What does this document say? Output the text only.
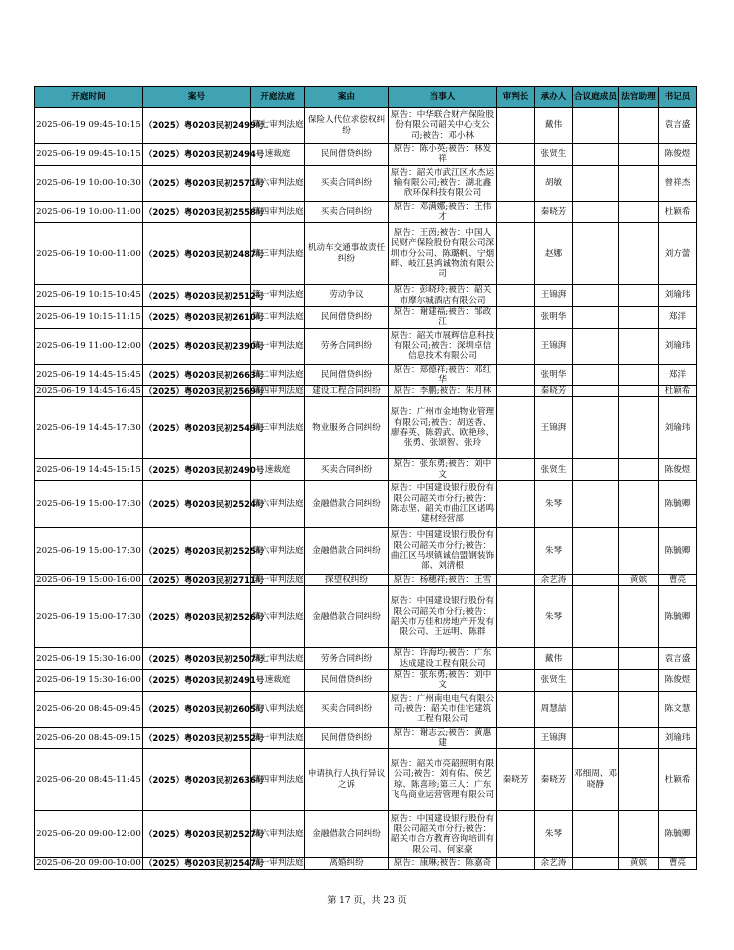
开庭时间	案号	开庭法庭	案由	当事人	审判长	承办人	合议庭成员	法官助理	书记员
2025-06-19 09:45-10:15	（2025）粤0203民初2499号	第七审判法庭	保险人代位求偿权纠纷	原告：中华联合财产保险股份有限公司韶关中心支公司;被告：邓小林		戴伟			袁言盛
2025-06-19 09:45-10:15	（2025）粤0203民初2494号	速裁庭	民间借贷纠纷	原告：陈小英;被告：林发祥		张贤生			陈俊煜
2025-06-19 10:00-10:30	（2025）粤0203民初2571号	第六审判法庭	买卖合同纠纷	原告：韶关市武江区水杰运输有限公司;被告：湖北鑫欣环保科技有限公司		胡敏			曾祥杰
2025-06-19 10:00-11:00	（2025）粤0203民初2558号	第四审判法庭	买卖合同纠纷	原告：邓满娜;被告：王伟才		秦晓芳			杜颖希
2025-06-19 10:00-11:00	（2025）粤0203民初2487号	第三审判法庭	机动车交通事故责任纠纷	原告：王茵;被告：中国人民财产保险股份有限公司深圳市分公司、陈璐帆、宁烟畔、岐江县鸿诚物流有限公司		赵娜			刘方蕾
2025-06-19 10:15-10:45	（2025）粤0203民初2512号	第一审判法庭	劳动争议	原告：彭晓玲;被告：韶关市摩尔城酒店有限公司		王锦湃			刘瑜玮
2025-06-19 10:15-11:15	（2025）粤0203民初2610号	第二审判法庭	民间借贷纠纷	原告：谢建福;被告：邹政江		张明华			郑洋
2025-06-19 11:00-12:00	（2025）粤0203民初2390号	第一审判法庭	劳务合同纠纷	原告：韶关市展辉信息科技有限公司;被告：深圳卓信信息技术有限公司		王锦湃			刘瑜玮
2025-06-19 14:45-15:45	（2025）粤0203民初2663号	第二审判法庭	民间借贷纠纷	原告：郑德祥;被告：邓红华		张明华			郑洋
2025-06-19 14:45-16:45	（2025）粤0203民初2569号	第四审判法庭	建设工程合同纠纷	原告：李鹏;被告：朱月林		秦晓芳			杜颖希
2025-06-19 14:45-17:30	（2025）粤0203民初2549号	第三审判法庭	物业服务合同纠纷	原告：广州市金地物业管理有限公司;被告：胡送香、廖春英、陈碧武、欧艳珍、张勇、张颂智、张玲		王锦湃			刘瑜玮
2025-06-19 14:45-15:15	（2025）粤0203民初2490号	速裁庭	买卖合同纠纷	原告：张东勇;被告：刘中文		张贤生			陈俊煜
2025-06-19 15:00-17:30	（2025）粤0203民初2524号	第六审判法庭	金融借款合同纠纷	原告：中国建设银行股份有限公司韶关市分行;被告：陈志坚、韶关市曲江区诺鸣建材经营部		朱琴			陈毓卿
2025-06-19 15:00-17:30	（2025）粤0203民初2525号	第六审判法庭	金融借款合同纠纷	原告：中国建设银行股份有限公司韶关市分行;被告：曲江区马坝镇诚信盟钢装饰部、刘清根		朱琴			陈毓卿
2025-06-19 15:00-16:00	（2025）粤0203民初2711号	第一审判法庭	探望权纠纷	原告：杨穗祥;被告：王雪		余艺涛		黄嫔	曹亮
2025-06-19 15:00-17:30	（2025）粤0203民初2526号	第六审判法庭	金融借款合同纠纷	原告：中国建设银行股份有限公司韶关市分行;被告：韶关市万佳和房地产开发有限公司、王远明、陈群		朱琴			陈毓卿
2025-06-19 15:30-16:00	（2025）粤0203民初2507号	第七审判法庭	劳务合同纠纷	原告：许海均;被告：广东达成建设工程有限公司		戴伟			袁言盛
2025-06-19 15:30-16:00	（2025）粤0203民初2491号	速裁庭	民间借贷纠纷	原告：张东勇;被告：刘中文		张贤生			陈俊煜
2025-06-20 08:45-09:45	（2025）粤0203民初2605号	第八审判法庭	买卖合同纠纷	原告：广州南电电气有限公司;被告：韶关市佳宅建筑工程有限公司		周慧喆			陈文慧
2025-06-20 08:45-09:15	（2025）粤0203民初2552号	第一审判法庭	民间借贷纠纷	原告：谢志云;被告：黄惠建		王锦湃			刘瑜玮
2025-06-20 08:45-11:45	（2025）粤0203民初2636号	第四审判法庭	申请执行人执行异议之诉	原告：韶关市亮韶照明有限公司;被告：刘有佑、侯艺琼、陈喜珍;第三人：广东飞鸟商业运营管理有限公司	秦晓芳	秦晓芳	邓细周、邓晓静		杜颖希
2025-06-20 09:00-12:00	（2025）粤0203民初2527号	第六审判法庭	金融借款合同纠纷	原告：中国建设银行股份有限公司韶关市分行;被告：韶关市合方教育咨询培训有限公司、何家豪		朱琴			陈毓卿
2025-06-20 09:00-10:00	（2025）粤0203民初2547号	第一审判法庭	离婚纠纷	原告：康琳;被告：陈嘉奇		余艺涛		黄嫔	曹亮
第 17 页，共 23 页
